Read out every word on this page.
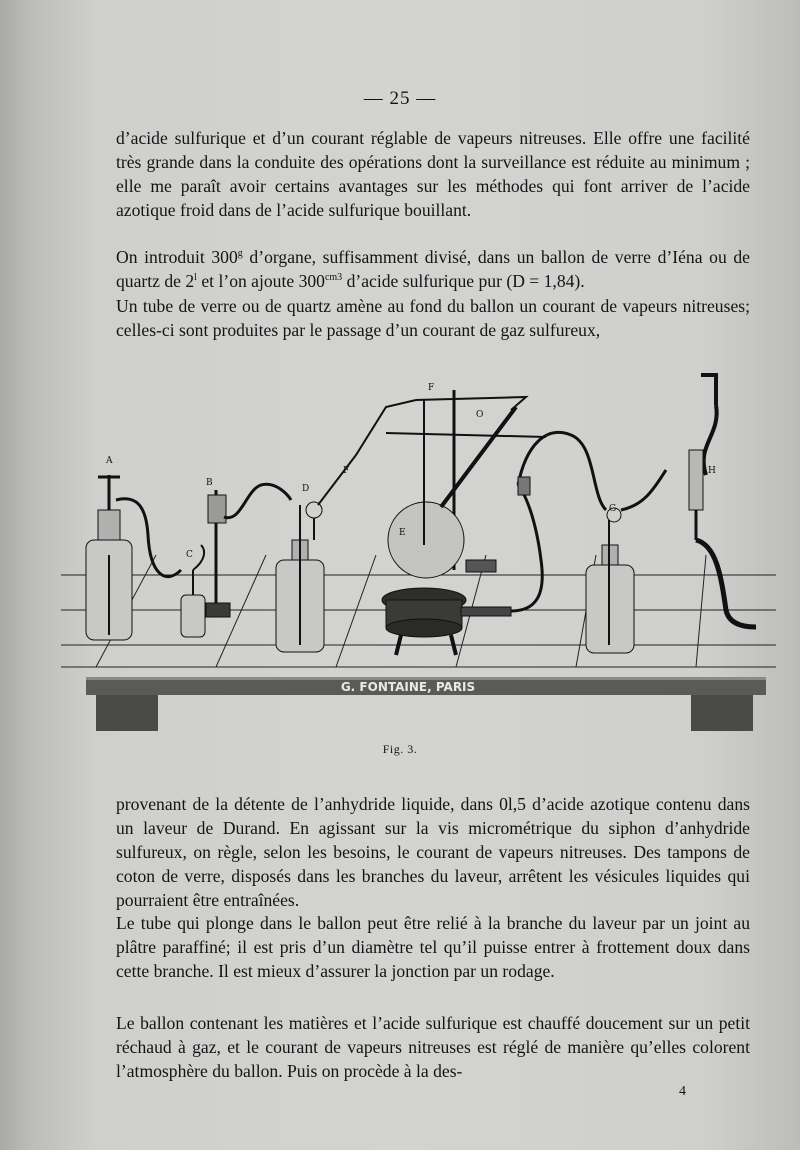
— 25 —

d’acide sulfurique et d’un courant réglable de vapeurs nitreuses. Elle offre une facilité très grande dans la conduite des opérations dont la surveillance est réduite au minimum ; elle me paraît avoir certains avantages sur les méthodes qui font arriver de l’acide azotique froid dans de l’acide sulfurique bouillant.

On introduit 300$^g$ d’organe, suffisamment divisé, dans un ballon de verre d’Iéna ou de quartz de 2$^l$ et l’on ajoute $300^{cm3}$ d’acide sulfurique pur (D = 1,84).

Un tube de verre ou de quartz amène au fond du ballon un courant de vapeurs nitreuses; celles-ci sont produites par le passage d’un courant de gaz sulfureux,

G. FONTAINE, PARIS
A
B
C
D
F
E
G
H
F
O
Fig. 3.

provenant de la détente de l’anhydride liquide, dans 0l,5 d’acide azotique contenu dans un laveur de Durand. En agissant sur la vis micrométrique du siphon d’anhydride sulfureux, on règle, selon les besoins, le courant de vapeurs nitreuses. Des tampons de coton de verre, disposés dans les branches du laveur, arrêtent les vésicules liquides qui pourraient être entraînées.

Le tube qui plonge dans le ballon peut être relié à la branche du laveur par un joint au plâtre paraffiné; il est pris d’un diamètre tel qu’il puisse entrer à frottement doux dans cette branche. Il est mieux d’assurer la jonction par un rodage.

Le ballon contenant les matières et l’acide sulfurique est chauffé doucement sur un petit réchaud à gaz, et le courant de vapeurs nitreuses est réglé de manière qu’elles colorent l’atmosphère du ballon. Puis on procède à la des-

4
